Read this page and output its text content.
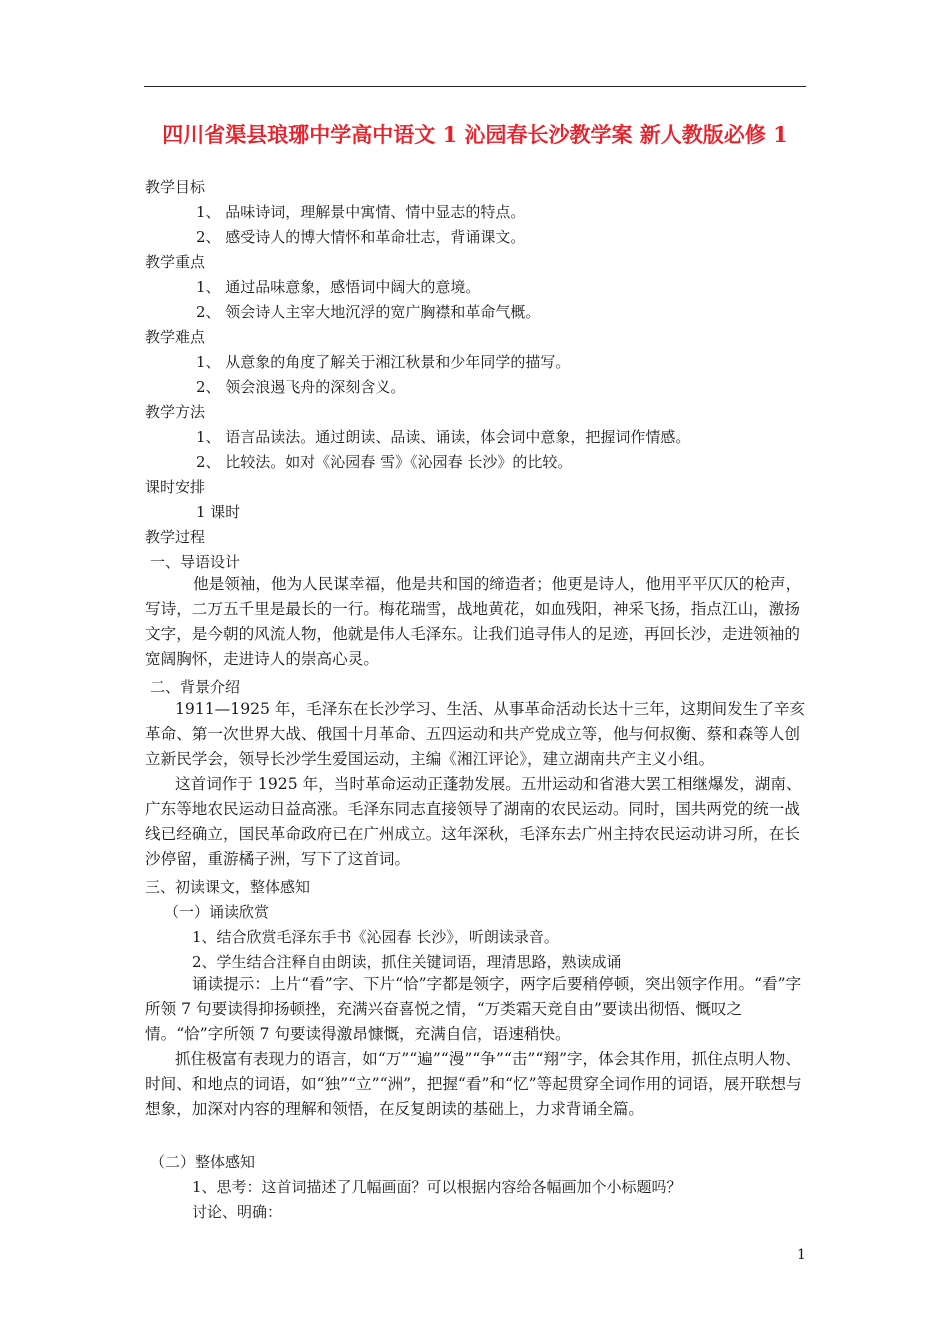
四川省渠县琅琊中学高中语文 1 沁园春长沙教学案 新人教版必修 1
教学目标
1、 品味诗词，理解景中寓情、情中显志的特点。
2、 感受诗人的博大情怀和革命壮志，背诵课文。
教学重点
1、 通过品味意象，感悟词中阔大的意境。
2、 领会诗人主宰大地沉浮的宽广胸襟和革命气概。
教学难点
1、 从意象的角度了解关于湘江秋景和少年同学的描写。
2、 领会浪遏飞舟的深刻含义。
教学方法
1、 语言品读法。通过朗读、品读、诵读，体会词中意象，把握词作情感。
2、 比较法。如对《沁园春 雪》《沁园春 长沙》的比较。
课时安排
1 课时
教学过程
一、导语设计
他是领袖，他为人民谋幸福，他是共和国的缔造者；他更是诗人，他用平平仄仄的枪声，写诗，二万五千里是最长的一行。梅花瑞雪，战地黄花，如血残阳，神采飞扬，指点江山，激扬文字，是今朝的风流人物，他就是伟人毛泽东。让我们追寻伟人的足迹，再回长沙，走进领袖的宽阔胸怀，走进诗人的崇高心灵。
二、背景介绍
1911—1925 年，毛泽东在长沙学习、生活、从事革命活动长达十三年，这期间发生了辛亥革命、第一次世界大战、俄国十月革命、五四运动和共产党成立等，他与何叔衡、蔡和森等人创立新民学会，领导长沙学生爱国运动，主编《湘江评论》，建立湖南共产主义小组。
这首词作于 1925 年，当时革命运动正蓬勃发展。五卅运动和省港大罢工相继爆发，湖南、广东等地农民运动日益高涨。毛泽东同志直接领导了湖南的农民运动。同时，国共两党的统一战线已经确立，国民革命政府已在广州成立。这年深秋，毛泽东去广州主持农民运动讲习所，在长沙停留，重游橘子洲，写下了这首词。
三、初读课文，整体感知
（一）诵读欣赏
1、结合欣赏毛泽东手书《沁园春 长沙》，听朗读录音。
2、学生结合注释自由朗读，抓住关键词语，理清思路，熟读成诵
诵读提示：上片“看”字、下片“恰”字都是领字，两字后要稍停顿，突出领字作用。“看”字所领 7 句要读得抑扬顿挫，充满兴奋喜悦之情，“万类霜天竞自由”要读出彻悟、慨叹之情。“恰”字所领 7 句要读得激昂慷慨，充满自信，语速稍快。
抓住极富有表现力的语言，如“万”“遍”“漫”“争”“击”“翔”字，体会其作用，抓住点明人物、时间、和地点的词语，如“独”“立”“洲”，把握“看”和“忆”等起贯穿全词作用的词语，展开联想与想象，加深对内容的理解和领悟，在反复朗读的基础上，力求背诵全篇。
（二）整体感知
1、思考：这首词描述了几幅画面？可以根据内容给各幅画加个小标题吗？
讨论、明确：
1
